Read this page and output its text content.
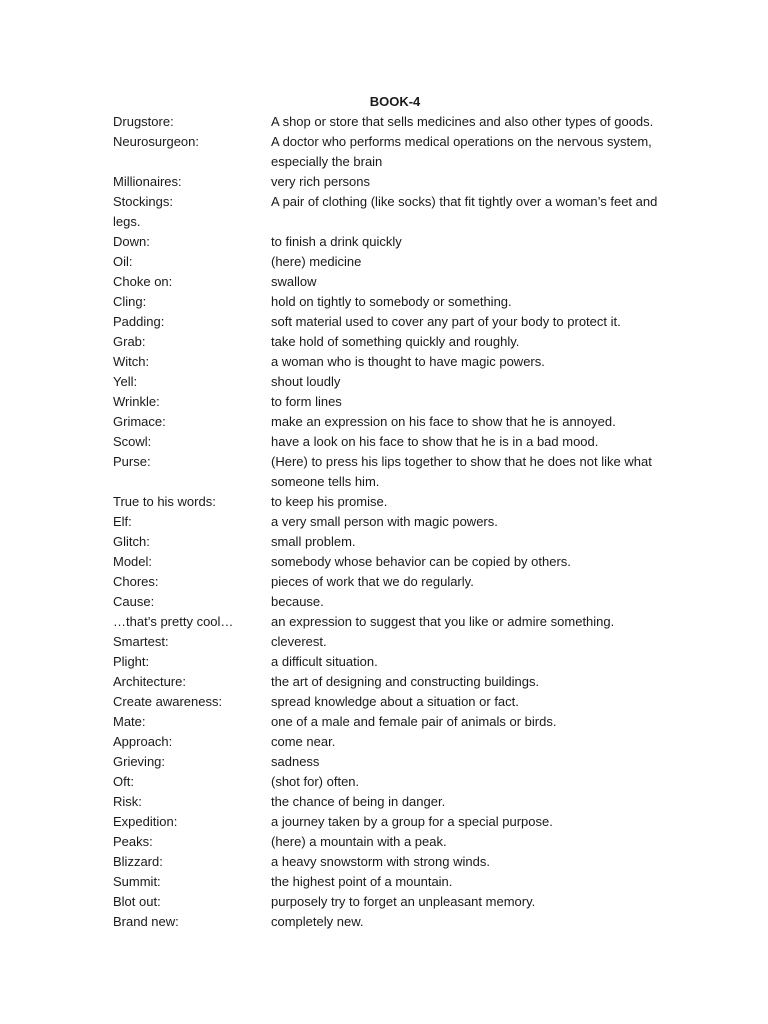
BOOK-4
Drugstore:	A shop or store that sells medicines and also other types of goods.
Neurosurgeon:	A doctor who performs medical operations on the nervous system, especially the brain
Millionaires:	very rich persons
Stockings:	A pair of clothing (like socks) that fit tightly over a woman’s feet and legs.
Down:	to finish a drink quickly
Oil:	(here) medicine
Choke on:	swallow
Cling:	hold on tightly to somebody or something.
Padding:	soft material used to cover any part of your body to protect it.
Grab:	take hold of something quickly and roughly.
Witch:	a woman who is thought to have magic powers.
Yell:	shout loudly
Wrinkle:	to form lines
Grimace:	make an expression on his face to show that he is annoyed.
Scowl:	have a look on his face to show that he is in a bad mood.
Purse:	(Here) to press his lips together to show that he does not like what someone tells him.
True to his words:	to keep his promise.
Elf:	a very small person with magic powers.
Glitch:	small problem.
Model:	somebody whose behavior can be copied by others.
Chores:	pieces of work that we do regularly.
Cause:	because.
…that’s pretty cool…	an expression to suggest that you like or admire something.
Smartest:	cleverest.
Plight:	a difficult situation.
Architecture:	the art of designing and constructing buildings.
Create awareness:	spread knowledge about a situation or fact.
Mate:	one of a male and female pair of animals or birds.
Approach:	come near.
Grieving:	sadness
Oft:	(shot for) often.
Risk:	the chance of being in danger.
Expedition:	a journey taken by a group for a special purpose.
Peaks:	(here) a mountain with a peak.
Blizzard:	a heavy snowstorm with strong winds.
Summit:	the highest point of a mountain.
Blot out:	purposely try to forget an unpleasant memory.
Brand new:	completely new.
